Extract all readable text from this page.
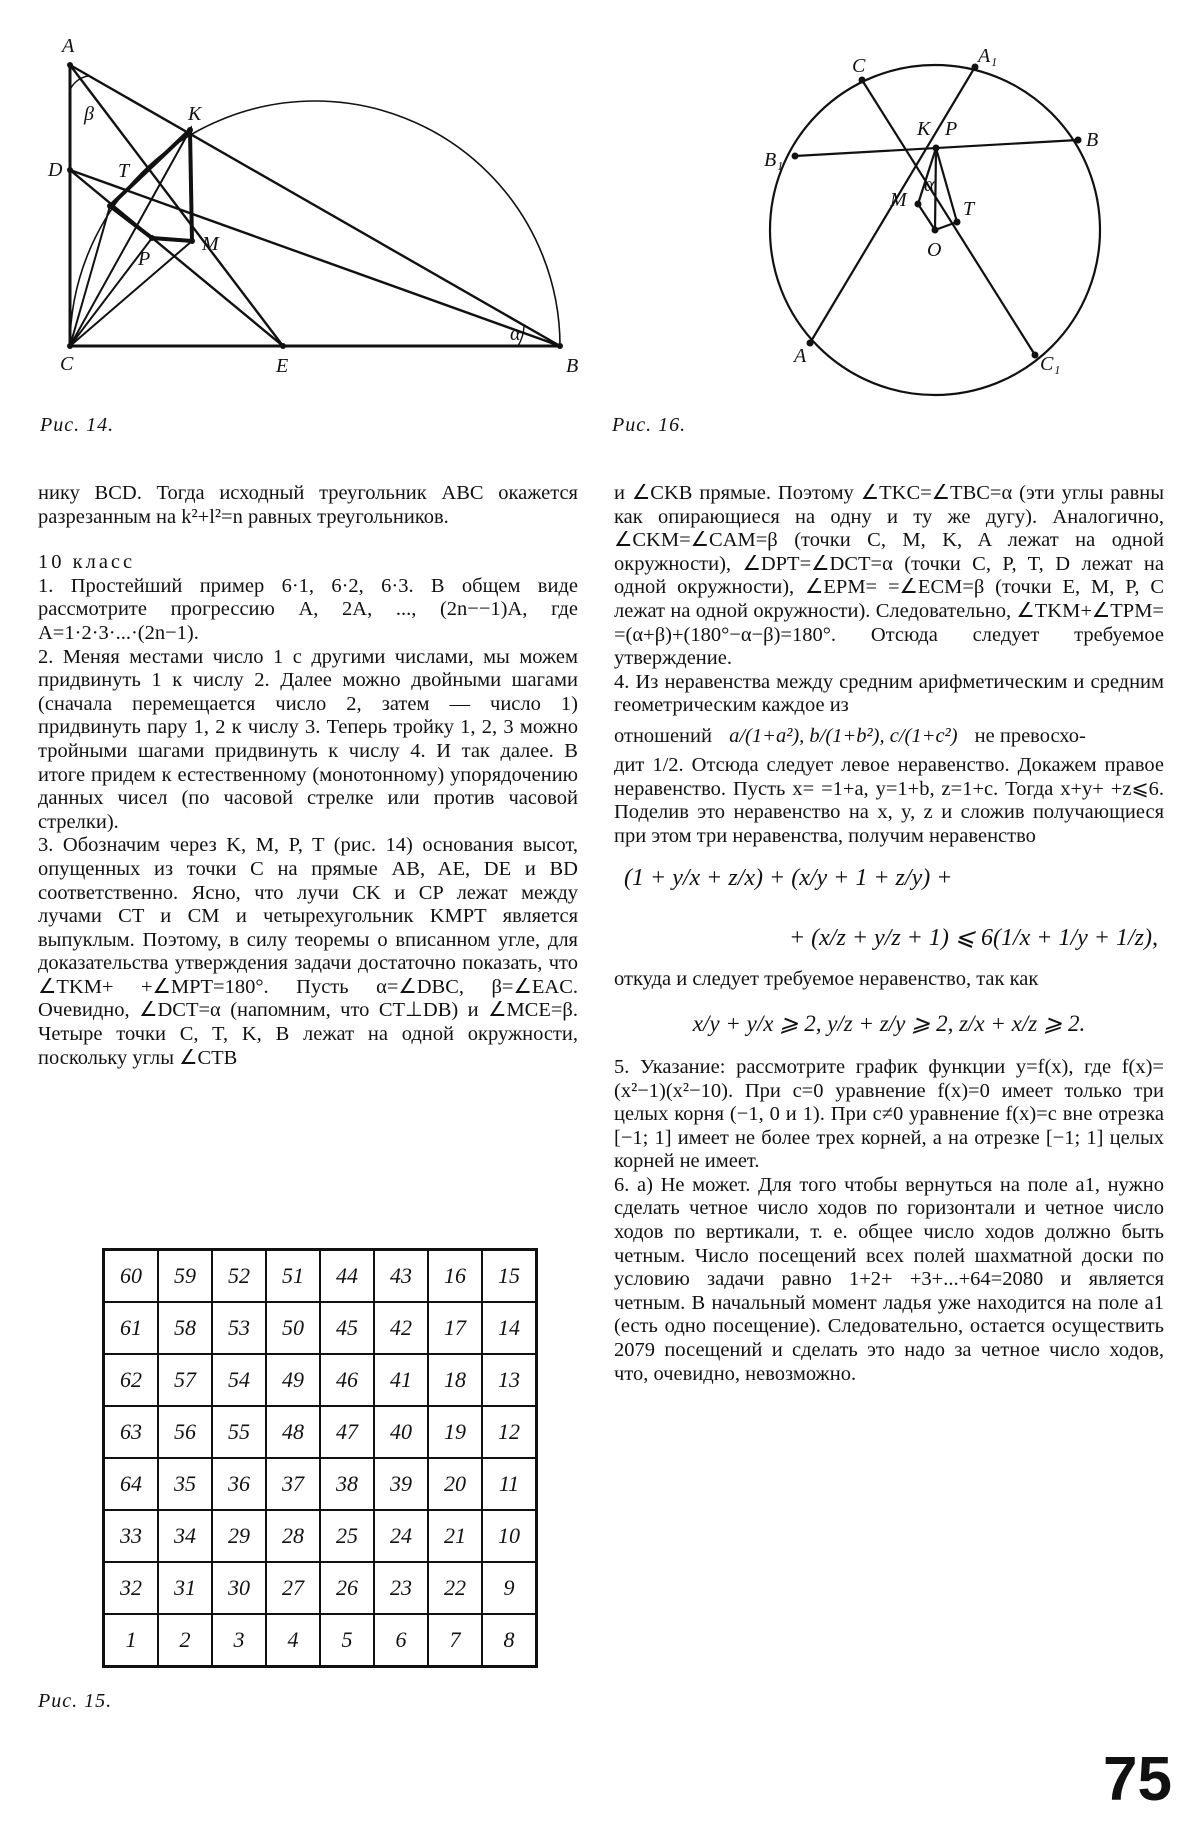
A
β	K
D	T
M
P
α
C	E	B
Рис. 14.
C	A₁
K P
B₁
B
M
α
T
O
A	C₁
Рис. 16.

нику BCD. Тогда исходный треугольник ABC окажется разрезанным на k²+l²=n равных треугольников.

10 класс

1. Простейший пример 6·1, 6·2, 6·3. В общем виде рассмотрите прогрессию A, 2A, ..., (2n−−1)A, где A=1·2·3·...·(2n−1).

2. Меняя местами число 1 с другими числами, мы можем придвинуть 1 к числу 2. Далее можно двойными шагами (сначала перемещается число 2, затем — число 1) придвинуть пару 1, 2 к числу 3. Теперь тройку 1, 2, 3 можно тройными шагами придвинуть к числу 4. И так далее. В итоге придем к естественному (монотонному) упорядочению данных чисел (по часовой стрелке или против часовой стрелки).

3. Обозначим через K, M, P, T (рис. 14) основания высот, опущенных из точки C на прямые AB, AE, DE и BD соответственно. Ясно, что лучи CK и CP лежат между лучами CT и CM и четырехугольник KMPT является выпуклым. Поэтому, в силу теоремы о вписанном угле, для доказательства утверждения задачи достаточно показать, что ∠TKM+ +∠MPT=180°. Пусть α=∠DBC, β=∠EAC. Очевидно, ∠DCT=α (напомним, что CT⊥DB) и ∠MCE=β. Четыре точки C, T, K, B лежат на одной окружности, поскольку углы ∠CTB

60	59	52	51	44	43	16	15
61	58	53	50	45	42	17	14
62	57	54	49	46	41	18	13
63	56	55	48	47	40	19	12
64	35	36	37	38	39	20	11
33	34	29	28	25	24	21	10
32	31	30	27	26	23	22	9
1	2	3	4	5	6	7	8
Рис. 15.

и ∠CKB прямые. Поэтому ∠TKC=∠TBC=α (эти углы равны как опирающиеся на одну и ту же дугу). Аналогично, ∠CKM=∠CAM=β (точки C, M, K, A лежат на одной окружности), ∠DPT=∠DCT=α (точки C, P, T, D лежат на одной окружности), ∠EPM= =∠ECM=β (точки E, M, P, C лежат на одной окружности). Следовательно, ∠TKM+∠TPM= =(α+β)+(180°−α−β)=180°. Отсюда следует требуемое утверждение.

4. Из неравенства между средним арифметическим и средним геометрическим каждое из

отношений a/(1+a²), b/(1+b²), c/(1+c²) не превосхо-

дит 1/2. Отсюда следует левое неравенство. Докажем правое неравенство. Пусть x= =1+a, y=1+b, z=1+c. Тогда x+y+ +z⩽6. Поделив это неравенство на x, y, z и сложив получающиеся при этом три неравенства, получим неравенство

(1 + y/x + z/x) + (x/y + 1 + z/y) +

+ (x/z + y/z + 1) ⩽ 6(1/x + 1/y + 1/z),

откуда и следует требуемое неравенство, так как

x/y + y/x ⩾ 2, y/z + z/y ⩾ 2, z/x + x/z ⩾ 2.

5. Указание: рассмотрите график функции y=f(x), где f(x)=(x²−1)(x²−10). При c=0 уравнение f(x)=0 имеет только три целых корня (−1, 0 и 1). При c≠0 уравнение f(x)=c вне отрезка [−1; 1] имеет не более трех корней, а на отрезке [−1; 1] целых корней не имеет.

6. а) Не может. Для того чтобы вернуться на поле a1, нужно сделать четное число ходов по горизонтали и четное число ходов по вертикали, т. е. общее число ходов должно быть четным. Число посещений всех полей шахматной доски по условию задачи равно 1+2+ +3+...+64=2080 и является четным. В начальный момент ладья уже находится на поле a1 (есть одно посещение). Следовательно, остается осуществить 2079 посещений и сделать это надо за четное число ходов, что, очевидно, невозможно.

75
